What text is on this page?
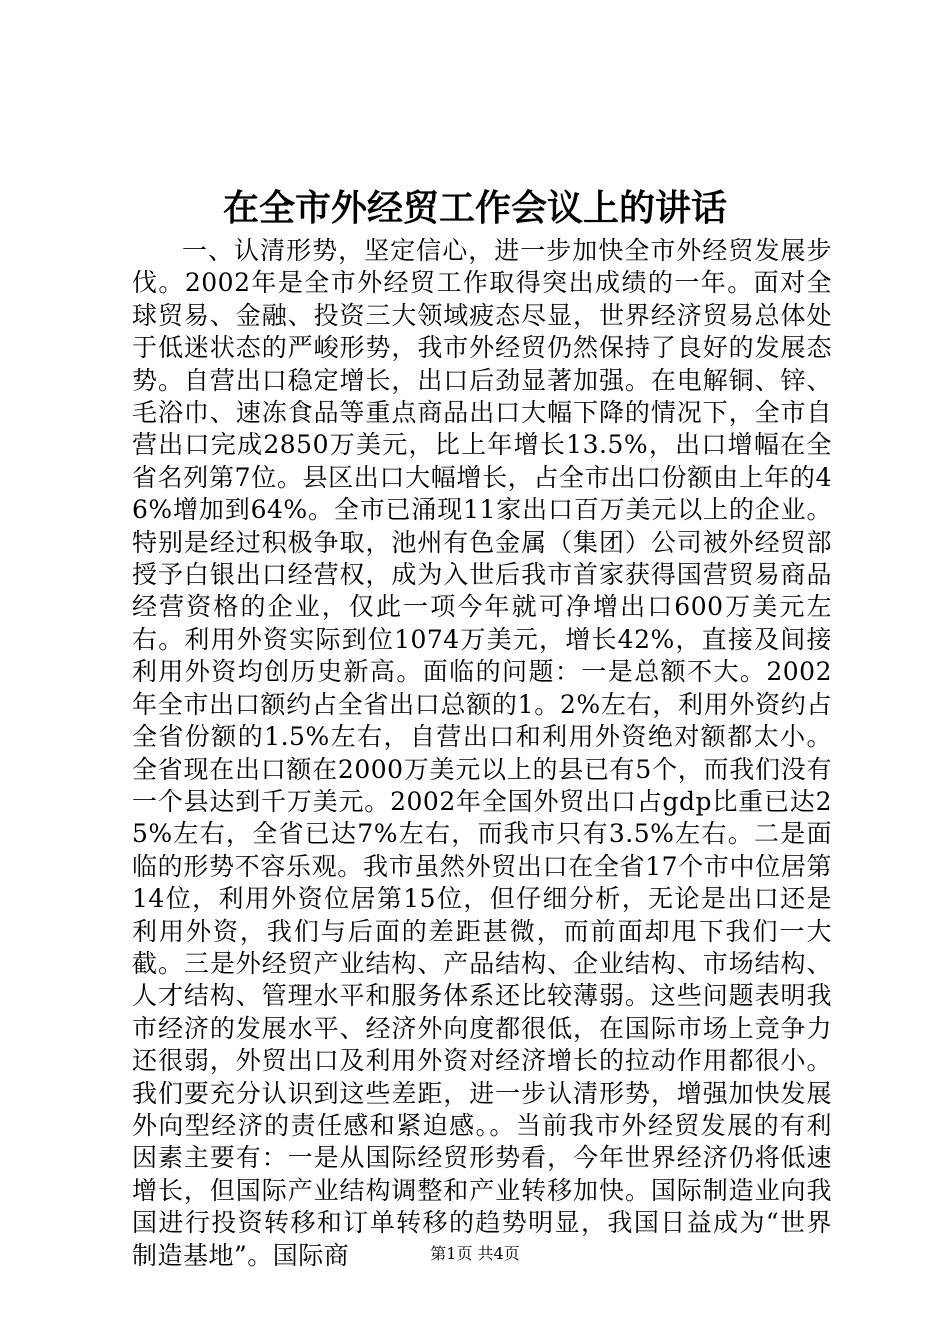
在全市外经贸工作会议上的讲话

一、认清形势，坚定信心，进一步加快全市外经贸发展步伐。2002年是全市外经贸工作取得突出成绩的一年。面对全球贸易、金融、投资三大领域疲态尽显，世界经济贸易总体处于低迷状态的严峻形势，我市外经贸仍然保持了良好的发展态势。自营出口稳定增长，出口后劲显著加强。在电解铜、锌、毛浴巾、速冻食品等重点商品出口大幅下降的情况下，全市自营出口完成2850万美元，比上年增长13.5%，出口增幅在全省名列第7位。县区出口大幅增长，占全市出口份额由上年的46%增加到64%。全市已涌现11家出口百万美元以上的企业。特别是经过积极争取，池州有色金属（集团）公司被外经贸部授予白银出口经营权，成为入世后我市首家获得国营贸易商品经营资格的企业，仅此一项今年就可净增出口600万美元左右。利用外资实际到位1074万美元，增长42%，直接及间接利用外资均创历史新高。面临的问题：一是总额不大。2002年全市出口额约占全省出口总额的1。2%左右，利用外资约占全省份额的1.5%左右，自营出口和利用外资绝对额都太小。全省现在出口额在2000万美元以上的县已有5个，而我们没有一个县达到千万美元。2002年全国外贸出口占gdp比重已达25%左右，全省已达7%左右，而我市只有3.5%左右。二是面临的形势不容乐观。我市虽然外贸出口在全省17个市中位居第14位，利用外资位居第15位，但仔细分析，无论是出口还是利用外资，我们与后面的差距甚微，而前面却甩下我们一大截。三是外经贸产业结构、产品结构、企业结构、市场结构、人才结构、管理水平和服务体系还比较薄弱。这些问题表明我市经济的发展水平、经济外向度都很低，在国际市场上竞争力还很弱，外贸出口及利用外资对经济增长的拉动作用都很小。我们要充分认识到这些差距，进一步认清形势，增强加快发展外向型经济的责任感和紧迫感。。当前我市外经贸发展的有利因素主要有：一是从国际经贸形势看，今年世界经济仍将低速增长，但国际产业结构调整和产业转移加快。国际制造业向我国进行投资转移和订单转移的趋势明显，我国日益成为“世界制造基地”。国际商	第1页 共4页
